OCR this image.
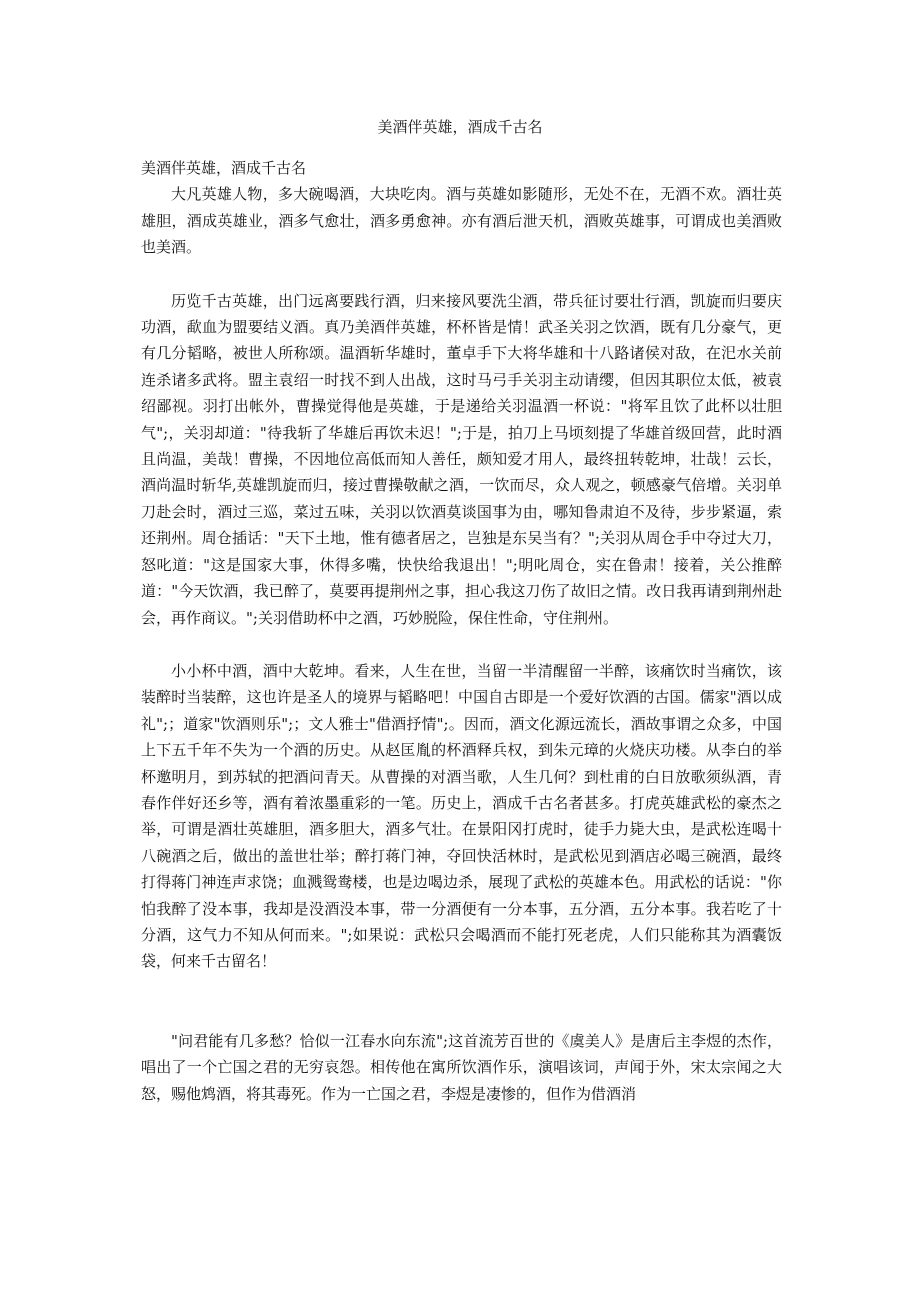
美酒伴英雄，酒成千古名

美酒伴英雄，酒成千古名

大凡英雄人物，多大碗喝酒，大块吃肉。酒与英雄如影随形，无处不在，无酒不欢。酒壮英雄胆，酒成英雄业，酒多气愈壮，酒多勇愈神。亦有酒后泄天机，酒败英雄事，可谓成也美酒败也美酒。

历览千古英雄，出门远离要践行酒，归来接风要洗尘酒，带兵征讨要壮行酒，凯旋而归要庆功酒，歃血为盟要结义酒。真乃美酒伴英雄，杯杯皆是情！武圣关羽之饮酒，既有几分豪气，更有几分韬略，被世人所称颂。温酒斩华雄时，董卓手下大将华雄和十八路诸侯对敌，在汜水关前连杀诸多武将。盟主袁绍一时找不到人出战，这时马弓手关羽主动请缨，但因其职位太低，被袁绍鄙视。羽打出帐外，曹操觉得他是英雄，于是递给关羽温酒一杯说："将军且饮了此杯以壮胆气";，关羽却道："待我斩了华雄后再饮未迟！";于是，拍刀上马顷刻提了华雄首级回营，此时酒且尚温，美哉！曹操，不因地位高低而知人善任，颇知爱才用人，最终扭转乾坤，壮哉！云长，酒尚温时斩华,英雄凯旋而归，接过曹操敬献之酒，一饮而尽，众人观之，顿感豪气倍增。关羽单刀赴会时，酒过三巡，菜过五味，关羽以饮酒莫谈国事为由，哪知鲁肃迫不及待，步步紧逼，索还荆州。周仓插话："天下土地，惟有德者居之，岂独是东吴当有？";关羽从周仓手中夺过大刀，怒叱道："这是国家大事，休得多嘴，快快给我退出！";明叱周仓，实在鲁肃！接着，关公推醉道："今天饮酒，我已醉了，莫要再提荆州之事，担心我这刀伤了故旧之情。改日我再请到荆州赴会，再作商议。";关羽借助杯中之酒，巧妙脱险，保住性命，守住荆州。

小小杯中酒，酒中大乾坤。看来，人生在世，当留一半清醒留一半醉，该痛饮时当痛饮，该装醉时当装醉，这也许是圣人的境界与韬略吧！中国自古即是一个爱好饮酒的古国。儒家"酒以成礼";；道家"饮酒则乐";；文人雅士"借酒抒情";。因而，酒文化源远流长，酒故事谓之众多，中国上下五千年不失为一个酒的历史。从赵匡胤的杯酒释兵权，到朱元璋的火烧庆功楼。从李白的举杯邀明月，到苏轼的把酒问青天。从曹操的对酒当歌，人生几何？到杜甫的白日放歌须纵酒，青春作伴好还乡等，酒有着浓墨重彩的一笔。历史上，酒成千古名者甚多。打虎英雄武松的豪杰之举，可谓是酒壮英雄胆，酒多胆大，酒多气壮。在景阳冈打虎时，徒手力毙大虫，是武松连喝十八碗酒之后，做出的盖世壮举；醉打蒋门神，夺回快活林时，是武松见到酒店必喝三碗酒，最终打得蒋门神连声求饶；血溅鸳鸯楼，也是边喝边杀，展现了武松的英雄本色。用武松的话说："你怕我醉了没本事，我却是没酒没本事，带一分酒便有一分本事，五分酒，五分本事。我若吃了十分酒，这气力不知从何而来。";如果说：武松只会喝酒而不能打死老虎，人们只能称其为酒囊饭袋，何来千古留名！

"问君能有几多愁？恰似一江春水向东流";这首流芳百世的《虞美人》是唐后主李煜的杰作，唱出了一个亡国之君的无穷哀怨。相传他在寓所饮酒作乐，演唱该词，声闻于外，宋太宗闻之大怒，赐他鸩酒，将其毒死。作为一亡国之君，李煜是凄惨的，但作为借酒消
